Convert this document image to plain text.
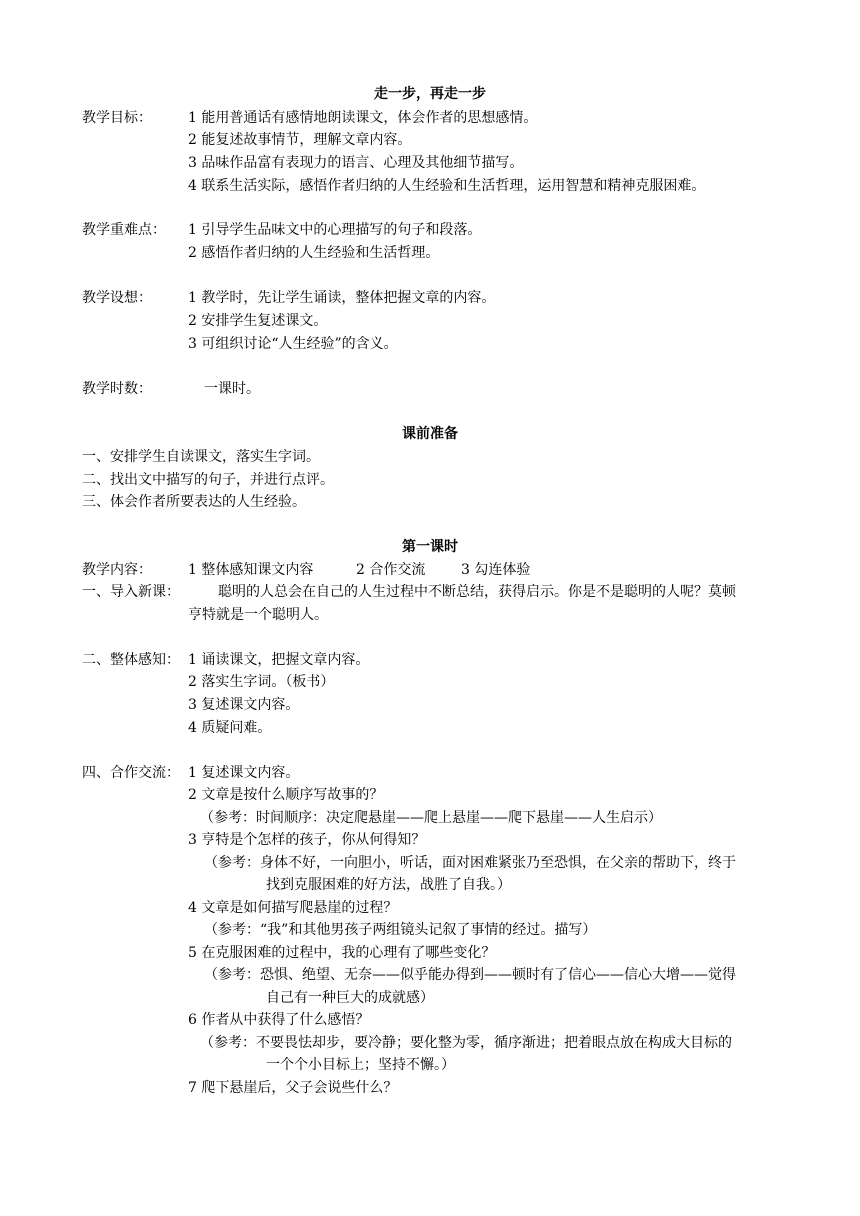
走一步，再走一步
教学目标：	1 能用普通话有感情地朗读课文，体会作者的思想感情。
2 能复述故事情节，理解文章内容。
3 品味作品富有表现力的语言、心理及其他细节描写。
4 联系生活实际，感悟作者归纳的人生经验和生活哲理，运用智慧和精神克服困难。
教学重难点： 1 引导学生品味文中的心理描写的句子和段落。
2 感悟作者归纳的人生经验和生活哲理。
教学设想：	1 教学时，先让学生诵读，整体把握文章的内容。
2 安排学生复述课文。
3 可组织讨论“人生经验”的含义。
教学时数：	一课时。
课前准备
一、安排学生自读课文，落实生字词。
二、找出文中描写的句子，并进行点评。
三、体会作者所要表达的人生经验。
第一课时
教学内容：	1 整体感知课文内容	2 合作交流	3 勾连体验
一、导入新课：	聪明的人总会在自己的人生过程中不断总结，获得启示。你是不是聪明的人呢？莫顿
亨特就是一个聪明人。
二、整体感知： 1 诵读课文，把握文章内容。
2 落实生字词。（板书）
3 复述课文内容。
4 质疑问难。
四、合作交流： 1 复述课文内容。
2 文章是按什么顺序写故事的？
（参考：时间顺序：决定爬悬崖——爬上悬崖——爬下悬崖——人生启示）
3 亨特是个怎样的孩子，你从何得知？
（参考：身体不好，一向胆小，听话，面对困难紧张乃至恐惧，在父亲的帮助下，终于
找到克服困难的好方法，战胜了自我。）
4 文章是如何描写爬悬崖的过程？
（参考：“我”和其他男孩子两组镜头记叙了事情的经过。描写）
5 在克服困难的过程中，我的心理有了哪些变化？
（参考：恐惧、绝望、无奈——似乎能办得到——顿时有了信心——信心大增——觉得
自己有一种巨大的成就感）
6 作者从中获得了什么感悟？
（参考：不要畏怯却步，要冷静；要化整为零，循序渐进；把着眼点放在构成大目标的
一个个小目标上；坚持不懈。）
7 爬下悬崖后，父子会说些什么？
